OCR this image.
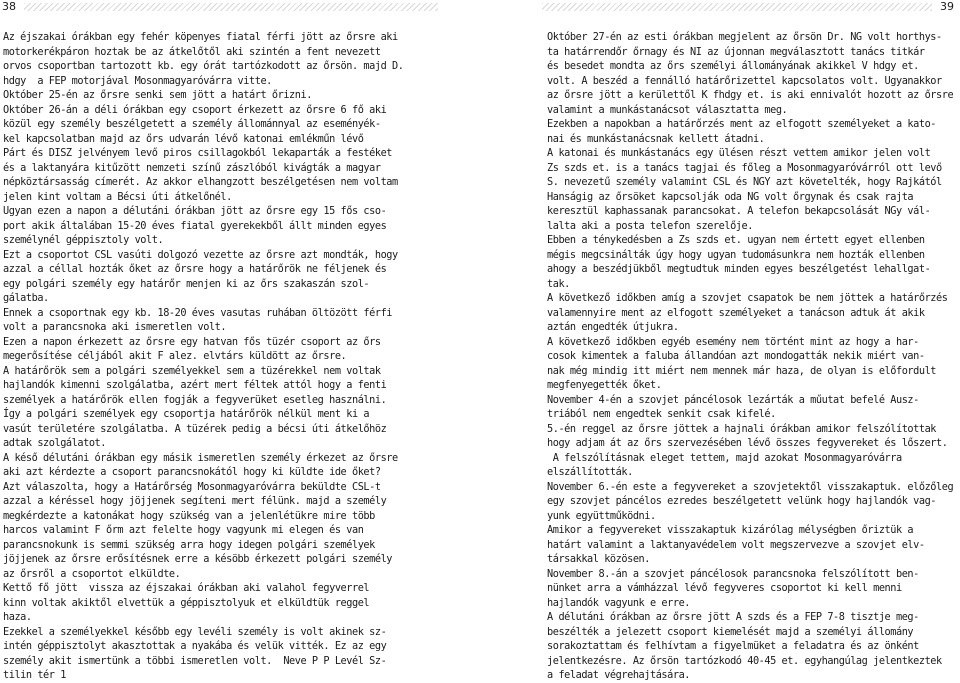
38	39
Az éjszakai órákban egy fehér köpenyes fiatal férfi jött az őrsre aki
motorkerékpáron hoztak be az átkelőtől aki szintén a fent nevezett
orvos csoportban tartozott kb. egy órát tartózkodott az őrsön. majd D.
hdgy  a FEP motorjával Mosonmagyaróvárra vitte.
Október 25-én az őrsre senki sem jött a határt őrizni.
Október 26-án a déli órákban egy csoport érkezett az őrsre 6 fő aki
közül egy személy beszélgetett a személy állománnyal az eseményék-
kel kapcsolatban majd az őrs udvarán lévő katonai emlékműn lévő
Párt és DISZ jelvényem levő piros csillagokból lekaparták a festéket
és a laktanyára kitűzött nemzeti színű zászlóból kivágták a magyar
népköztársasság címerét. Az akkor elhangzott beszélgetésen nem voltam
jelen kint voltam a Bécsi úti átkelőnél.
Ugyan ezen a napon a délutáni órákban jött az őrsre egy 15 fős cso-
port akik általában 15-20 éves fiatal gyerekekből állt minden egyes
személynél géppisztoly volt.
Ezt a csoportot CSL vasúti dolgozó vezette az őrsre azt mondták, hogy
azzal a céllal hozták őket az őrsre hogy a határőrök ne féljenek és
egy polgári személy egy határőr menjen ki az őrs szakaszán szol-
gálatba.
Ennek a csoportnak egy kb. 18-20 éves vasutas ruhában öltözött férfi
volt a parancsnoka aki ismeretlen volt.
Ezen a napon érkezett az őrsre egy hatvan fős tüzér csoport az őrs
megerősítése céljából akit F alez. elvtárs küldött az őrsre.
A határőrök sem a polgári személyekkel sem a tüzérekkel nem voltak
hajlandók kimenni szolgálatba, azért mert féltek attól hogy a fenti
személyek a határőrök ellen fogják a fegyverüket esetleg használni.
Így a polgári személyek egy csoportja határőrök nélkül ment ki a
vasút területére szolgálatba. A tüzérek pedig a bécsi úti átkelőhöz
adtak szolgálatot.
A késő délutáni órákban egy másik ismeretlen személy érkezet az őrsre
aki azt kérdezte a csoport parancsnokától hogy ki küldte ide őket?
Azt válaszolta, hogy a Határőrség Mosonmagyaróvárra beküldte CSL-t
azzal a kéréssel hogy jöjjenek segíteni mert félünk. majd a személy
megkérdezte a katonákat hogy szükség van a jelenlétükre mire több
harcos valamint F őrm azt felelte hogy vagyunk mi elegen és van
parancsnokunk is semmi szükség arra hogy idegen polgári személyek
jöjjenek az őrsre erősítésnek erre a késöbb érkezett polgári személy
az őrsről a csoportot elküldte.
Kettő fő jött  vissza az éjszakai órákban aki valahol fegyverrel
kinn voltak akiktől elvettük a géppisztolyuk et elküldtük reggel
haza.
Ezekkel a személyekkel később egy levéli személy is volt akinek sz-
intén géppisztolyt akasztottak a nyakába és velük vitték. Ez az egy
személy akit ismertünk a többi ismeretlen volt.  Neve P P Levél Sz-
tilin tér 1
Október 27-én az esti órákban megjelent az őrsön Dr. NG volt horthys-
ta határrendőr őrnagy és NI az újonnan megválasztott tanács titkár
és besedet mondta az őrs személyi állományának akikkel V hdgy et.
volt. A beszéd a fennálló határőrizettel kapcsolatos volt. Ugyanakkor
az őrsre jött a kerülettől K fhdgy et. is aki ennivalót hozott az őrsre
valamint a munkástanácsot választatta meg.
Ezekben a napokban a határőrzés ment az elfogott személyeket a kato-
nai és munkástanácsnak kellett átadni.
A katonai és munkástanács egy ülésen részt vettem amikor jelen volt
Zs szds et. is a tanács tagjai és főleg a Mosonmagyaróvárról ott levő
S. nevezetű személy valamint CSL és NGY azt követelték, hogy Rajkától
Hanságig az őrsöket kapcsolják oda NG volt őrgynak és csak rajta
keresztül kaphassanak parancsokat. A telefon bekapcsolását NGy vál-
lalta aki a posta telefon szerelője.
Ebben a ténykedésben a Zs szds et. ugyan nem értett egyet ellenben
mégis megcsinálták úgy hogy ugyan tudomásunkra nem hozták ellenben
ahogy a beszédjükből megtudtuk minden egyes beszélgetést lehallgat-
tak.
A következő időkben amíg a szovjet csapatok be nem jöttek a határőrzés
valamennyire ment az elfogott személyeket a tanácson adtuk át akik
aztán engedték útjukra.
A következő időkben egyéb esemény nem történt mint az hogy a har-
cosok kimentek a faluba állandóan azt mondogatták nekik miért van-
nak még mindig itt miért nem mennek már haza, de olyan is előfordult
megfenyegették őket.
November 4-én a szovjet páncélosok lezárták a műutat befelé Ausz-
triából nem engedtek senkit csak kifelé.
5.-én reggel az őrsre jöttek a hajnali órákban amikor felszólítottak
hogy adjam át az őrs szervezésében lévő összes fegyvereket és lőszert.
A felszólításnak eleget tettem, majd azokat Mosonmagyaróvárra
elszállították.
November 6.-én este a fegyvereket a szovjetektől visszakaptuk. előzőleg
egy szovjet páncélos ezredes beszélgetett velünk hogy hajlandók vag-
yunk együttműködni.
Amikor a fegyvereket visszakaptuk kizárólag mélységben őriztük a
határt valamint a laktanyavédelem volt megszervezve a szovjet elv-
társakkal közösen.
November 8.-án a szovjet páncélosok parancsnoka felszólított ben-
nünket arra a vámházzal lévő fegyveres csoportot ki kell menni
hajlandók vagyunk e erre.
A délutáni órákban az őrsre jött A szds és a FEP 7-8 tisztje meg-
beszélték a jelezett csoport kiemelését majd a személyi állomány
sorakoztattam és felhívtam a figyelmüket a feladatra és az önként
jelentkezésre. Az őrsön tartózkodó 40-45 et. egyhangúlag jelentkeztek
a feladat végrehajtására.
